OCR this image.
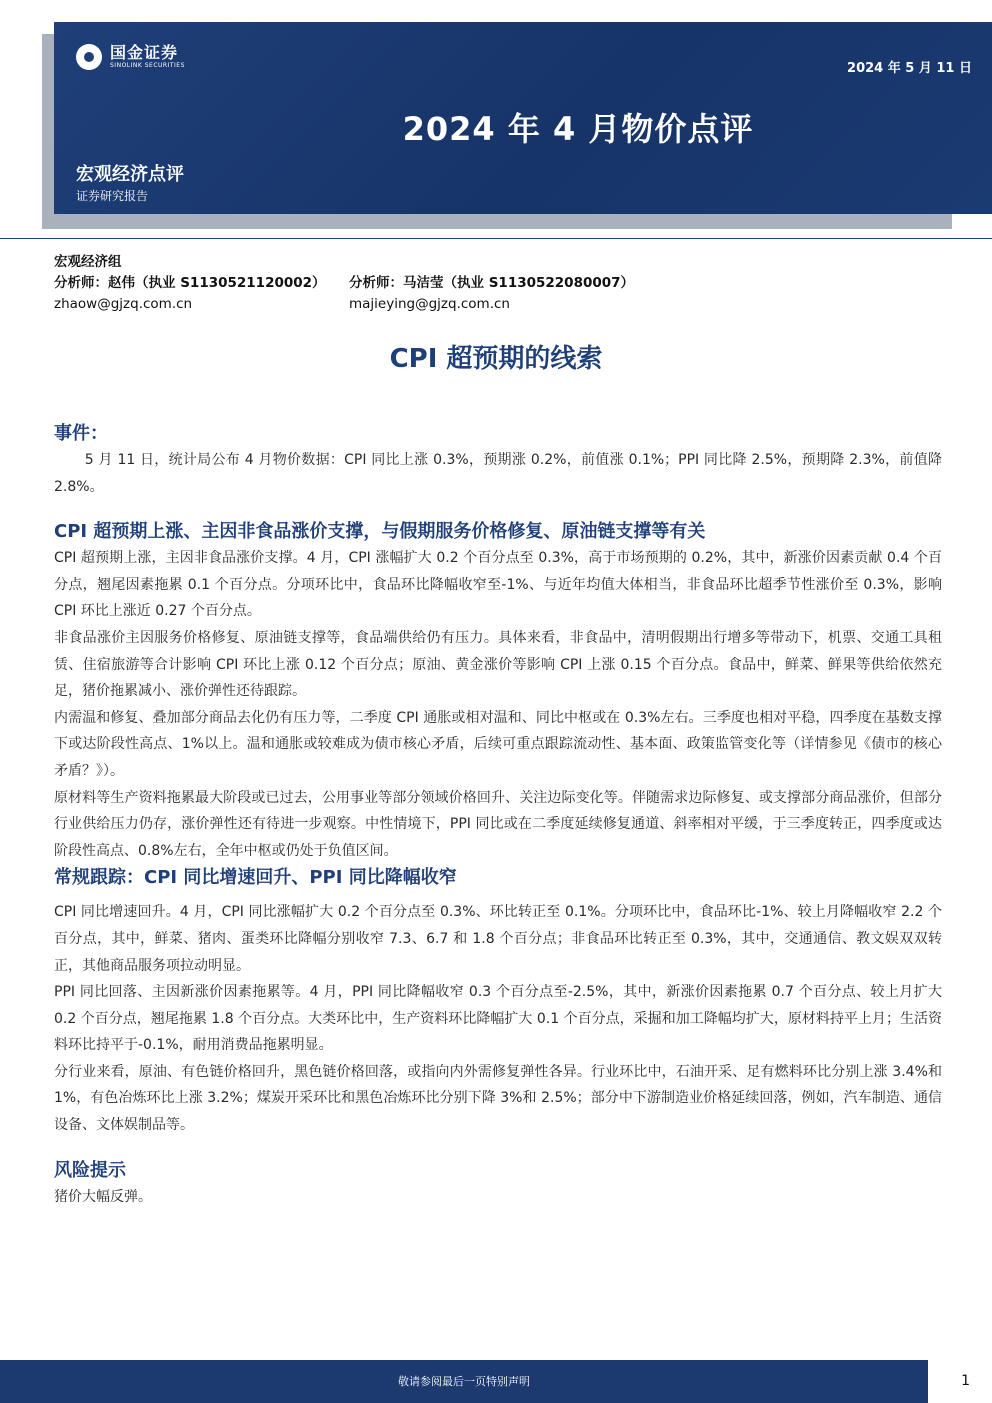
国金证券
SINOLINK SECURITIES	2024 年 5 月 11 日
2024 年 4 月物价点评
宏观经济点评
证券研究报告
宏观经济组
分析师：赵伟（执业 S1130521120002）
zhaow@gjzq.com.cn
分析师：马洁莹（执业 S1130522080007）
majieying@gjzq.com.cn
CPI 超预期的线索
事件：

5 月 11 日，统计局公布 4 月物价数据：CPI 同比上涨 0.3%，预期涨 0.2%，前值涨 0.1%；PPI 同比降 2.5%，预期降 2.3%，前值降 2.8%。

CPI 超预期上涨、主因非食品涨价支撑，与假期服务价格修复、原油链支撑等有关

CPI 超预期上涨，主因非食品涨价支撑。4 月，CPI 涨幅扩大 0.2 个百分点至 0.3%，高于市场预期的 0.2%，其中，新涨价因素贡献 0.4 个百分点，翘尾因素拖累 0.1 个百分点。分项环比中，食品环比降幅收窄至-1%、与近年均值大体相当，非食品环比超季节性涨价至 0.3%，影响 CPI 环比上涨近 0.27 个百分点。

非食品涨价主因服务价格修复、原油链支撑等，食品端供给仍有压力。具体来看，非食品中，清明假期出行增多等带动下，机票、交通工具租赁、住宿旅游等合计影响 CPI 环比上涨 0.12 个百分点；原油、黄金涨价等影响 CPI 上涨 0.15 个百分点。食品中，鲜菜、鲜果等供给依然充足，猪价拖累减小、涨价弹性还待跟踪。

内需温和修复、叠加部分商品去化仍有压力等，二季度 CPI 通胀或相对温和、同比中枢或在 0.3%左右。三季度也相对平稳，四季度在基数支撑下或达阶段性高点、1%以上。温和通胀或较难成为债市核心矛盾，后续可重点跟踪流动性、基本面、政策监管变化等（详情参见《债市的核心矛盾？》）。

原材料等生产资料拖累最大阶段或已过去，公用事业等部分领域价格回升、关注边际变化等。伴随需求边际修复、或支撑部分商品涨价，但部分行业供给压力仍存，涨价弹性还有待进一步观察。中性情境下，PPI 同比或在二季度延续修复通道、斜率相对平缓，于三季度转正，四季度或达阶段性高点、0.8%左右，全年中枢或仍处于负值区间。

常规跟踪：CPI 同比增速回升、PPI 同比降幅收窄

CPI 同比增速回升。4 月，CPI 同比涨幅扩大 0.2 个百分点至 0.3%、环比转正至 0.1%。分项环比中，食品环比-1%、较上月降幅收窄 2.2 个百分点，其中，鲜菜、猪肉、蛋类环比降幅分别收窄 7.3、6.7 和 1.8 个百分点；非食品环比转正至 0.3%，其中，交通通信、教文娱双双转正，其他商品服务项拉动明显。

PPI 同比回落、主因新涨价因素拖累等。4 月，PPI 同比降幅收窄 0.3 个百分点至-2.5%，其中，新涨价因素拖累 0.7 个百分点、较上月扩大 0.2 个百分点，翘尾拖累 1.8 个百分点。大类环比中，生产资料环比降幅扩大 0.1 个百分点，采掘和加工降幅均扩大，原材料持平上月；生活资料环比持平于-0.1%，耐用消费品拖累明显。

分行业来看，原油、有色链价格回升，黑色链价格回落，或指向内外需修复弹性各异。行业环比中，石油开采、足有燃料环比分别上涨 3.4%和 1%，有色冶炼环比上涨 3.2%；煤炭开采环比和黑色冶炼环比分别下降 3%和 2.5%；部分中下游制造业价格延续回落，例如，汽车制造、通信设备、文体娱制品等。

风险提示

猪价大幅反弹。

敬请参阅最后一页特别声明	1
